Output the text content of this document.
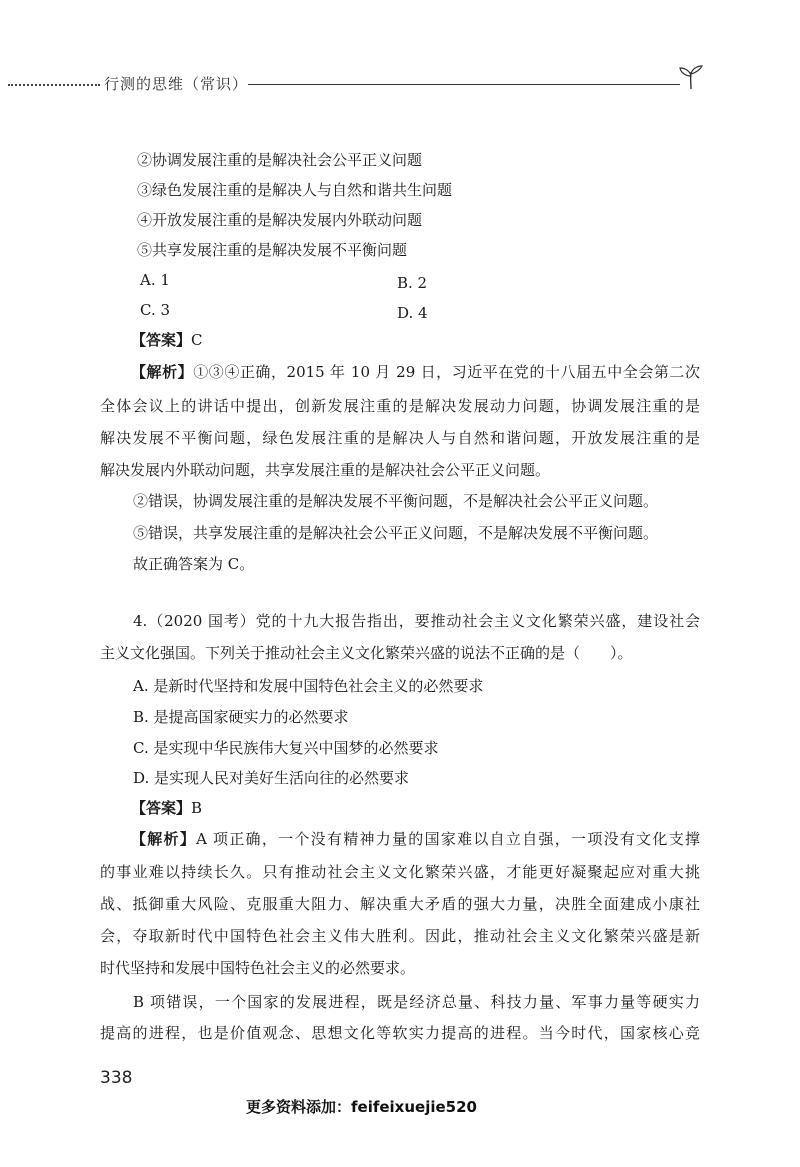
行测的思维（常识）
②协调发展注重的是解决社会公平正义问题
③绿色发展注重的是解决人与自然和谐共生问题
④开放发展注重的是解决发展内外联动问题
⑤共享发展注重的是解决发展不平衡问题
A. 1	B. 2
C. 3	D. 4
【答案】C
【解析】①③④正确，2015 年 10 月 29 日，习近平在党的十八届五中全会第二次
全体会议上的讲话中提出，创新发展注重的是解决发展动力问题，协调发展注重的是
解决发展不平衡问题，绿色发展注重的是解决人与自然和谐问题，开放发展注重的是
解决发展内外联动问题，共享发展注重的是解决社会公平正义问题。
②错误，协调发展注重的是解决发展不平衡问题，不是解决社会公平正义问题。
⑤错误，共享发展注重的是解决社会公平正义问题，不是解决发展不平衡问题。
故正确答案为 C。
4.（2020 国考）党的十九大报告指出，要推动社会主义文化繁荣兴盛，建设社会
主义文化强国。下列关于推动社会主义文化繁荣兴盛的说法不正确的是（　　）。
A. 是新时代坚持和发展中国特色社会主义的必然要求
B. 是提高国家硬实力的必然要求
C. 是实现中华民族伟大复兴中国梦的必然要求
D. 是实现人民对美好生活向往的必然要求
【答案】B
【解析】A 项正确，一个没有精神力量的国家难以自立自强，一项没有文化支撑
的事业难以持续长久。只有推动社会主义文化繁荣兴盛，才能更好凝聚起应对重大挑
战、抵御重大风险、克服重大阻力、解决重大矛盾的强大力量，决胜全面建成小康社
会，夺取新时代中国特色社会主义伟大胜利。因此，推动社会主义文化繁荣兴盛是新
时代坚持和发展中国特色社会主义的必然要求。
B 项错误，一个国家的发展进程，既是经济总量、科技力量、军事力量等硬实力
提高的进程，也是价值观念、思想文化等软实力提高的进程。当今时代，国家核心竞
338
更多资料添加：feifeixuejie520
